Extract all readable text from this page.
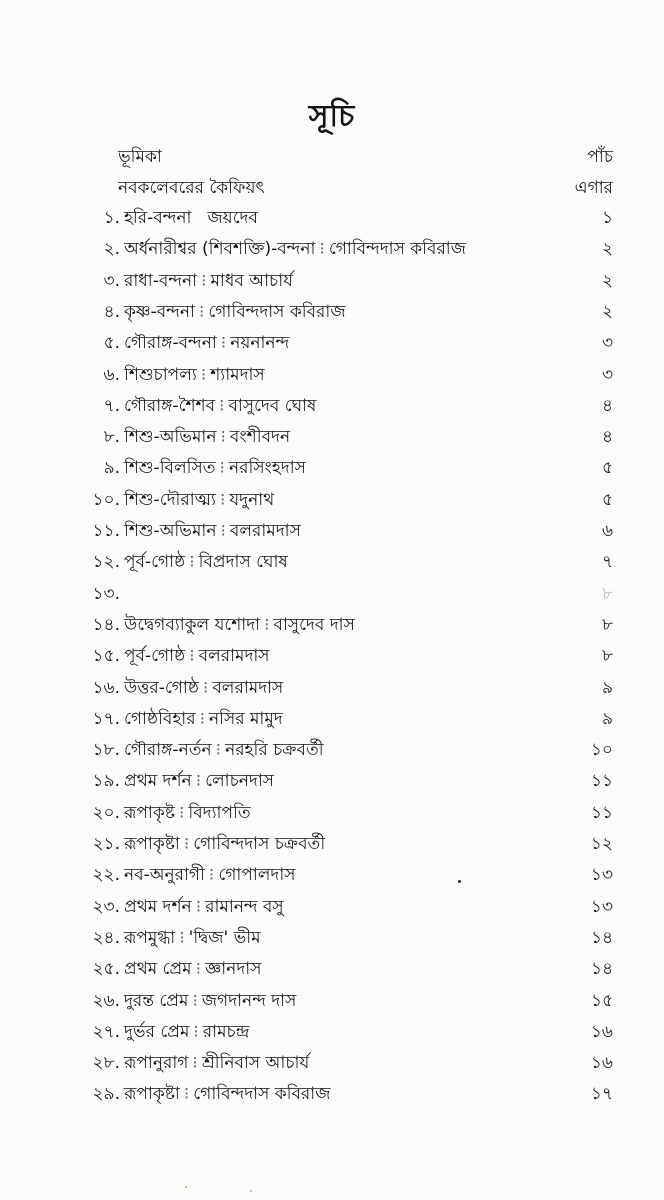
সূচি
ভূমিকা	পাঁচ
নবকলেবরের কৈফিয়ৎ	এগার
১. হরি-বন্দনা জয়দেব	১
২. অর্ধনারীশ্বর (শিবশক্তি)-বন্দনা ⁝ গোবিন্দদাস কবিরাজ	২
৩. রাধা-বন্দনা ⁝ মাধব আচার্য	২
৪. কৃষ্ণ-বন্দনা ⁝ গোবিন্দদাস কবিরাজ	২
৫. গৌরাঙ্গ-বন্দনা ⁝ নয়নানন্দ	৩
৬. শিশুচাপল্য ⁝ শ্যামদাস	৩
৭. গৌরাঙ্গ-শৈশব ⁝ বাসুদেব ঘোষ	৪
৮. শিশু-অভিমান ⁝ বংশীবদন	৪
৯. শিশু-বিলসিত ⁝ নরসিংহদাস	৫
১০. শিশু-দৌরাত্ম্য ⁝ যদুনাথ	৫
১১. শিশু-অভিমান ⁝ বলরামদাস	৬
১২. পূর্ব-গোষ্ঠ ⁝ বিপ্রদাস ঘোষ	৭
১৩.	৮
১৪. উদ্বেগব্যাকুল যশোদা ⁝ বাসুদেব দাস	৮
১৫. পূর্ব-গোষ্ঠ ⁝ বলরামদাস	৮
১৬. উত্তর-গোষ্ঠ ⁝ বলরামদাস	৯
১৭. গোষ্ঠবিহার ⁝ নসির মামুদ	৯
১৮. গৌরাঙ্গ-নর্তন ⁝ নরহরি চক্রবর্তী	১০
১৯. প্রথম দর্শন ⁝ লোচনদাস	১১
২০. রূপাকৃষ্ট ⁝ বিদ্যাপতি	১১
২১. রূপাকৃষ্টা ⁝ গোবিন্দদাস চক্রবর্তী	১২
২২. নব-অনুরাগী ⁝ গোপালদাস	১৩
২৩. প্রথম দর্শন ⁝ রামানন্দ বসু	১৩
২৪. রূপমুগ্ধা ⁝ 'দ্বিজ' ভীম	১৪
২৫. প্রথম প্রেম ⁝ জ্ঞানদাস	১৪
২৬. দুরন্ত প্রেম ⁝ জগদানন্দ দাস	১৫
২৭. দুর্ভর প্রেম ⁝ রামচন্দ্র	১৬
২৮. রূপানুরাগ ⁝ শ্রীনিবাস আচার্য	১৬
২৯. রূপাকৃষ্টা ⁝ গোবিন্দদাস কবিরাজ	১৭
